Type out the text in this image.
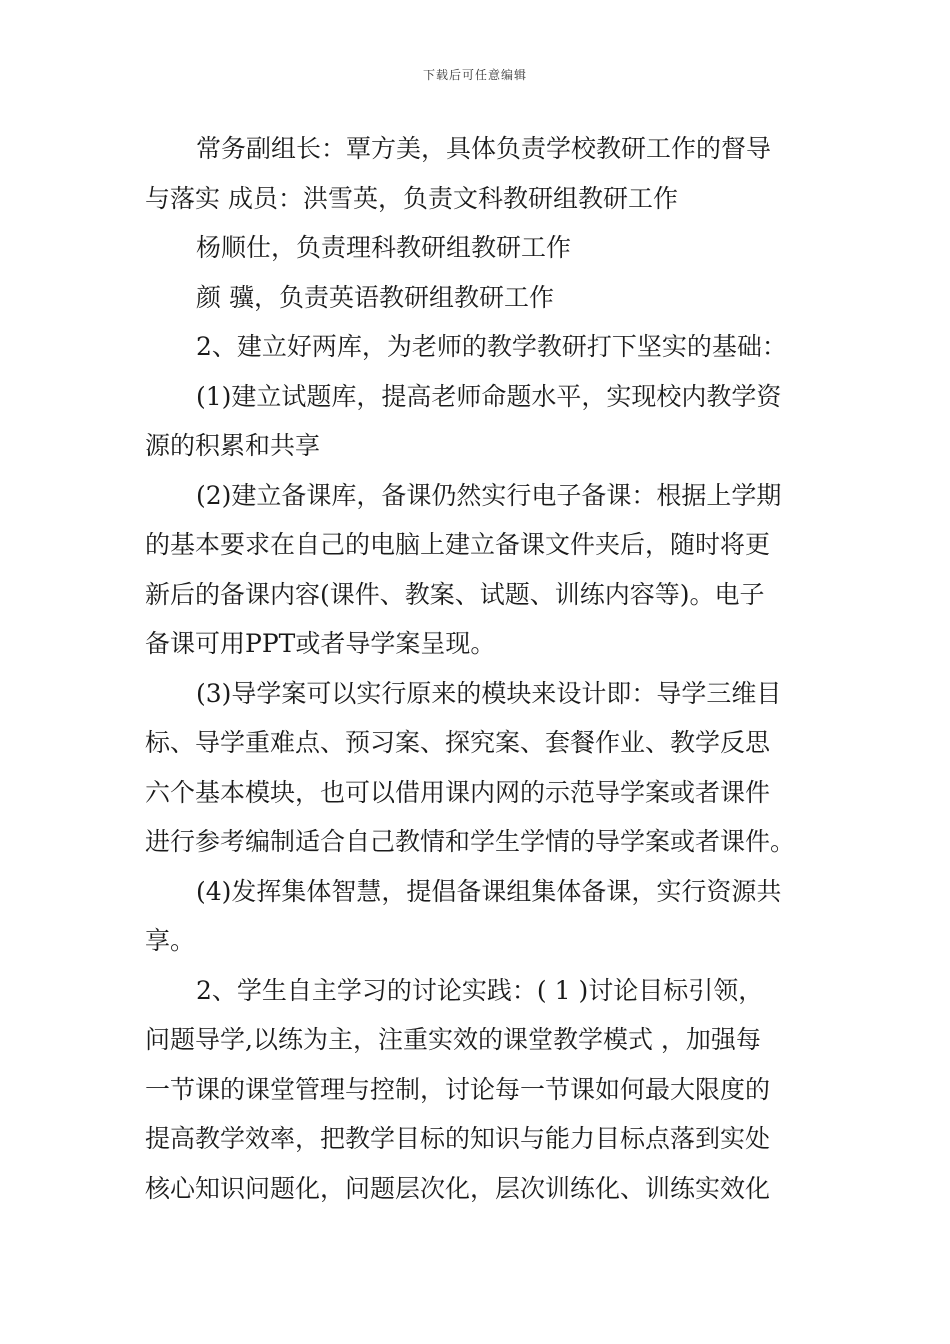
下载后可任意编辑

常务副组长：覃方美，具体负责学校教研工作的督导

与落实 成员：洪雪英，负责文科教研组教研工作

杨顺仕，负责理科教研组教研工作

颜 骥，负责英语教研组教研工作

2、建立好两库，为老师的教学教研打下坚实的基础：

(1)建立试题库，提高老师命题水平，实现校内教学资

源的积累和共享

(2)建立备课库，备课仍然实行电子备课：根据上学期

的基本要求在自己的电脑上建立备课文件夹后，随时将更

新后的备课内容(课件、教案、试题、训练内容等)。电子

备课可用PPT或者导学案呈现。

(3)导学案可以实行原来的模块来设计即：导学三维目

标、导学重难点、预习案、探究案、套餐作业、教学反思

六个基本模块，也可以借用课内网的示范导学案或者课件

进行参考编制适合自己教情和学生学情的导学案或者课件。

(4)发挥集体智慧，提倡备课组集体备课，实行资源共

享。

2、学生自主学习的讨论实践：( 1 )讨论目标引领，

问题导学,以练为主，注重实效的课堂教学模式 ，加强每

一节课的课堂管理与控制，讨论每一节课如何最大限度的

提高教学效率，把教学目标的知识与能力目标点落到实处

核心知识问题化，问题层次化，层次训练化、训练实效化
